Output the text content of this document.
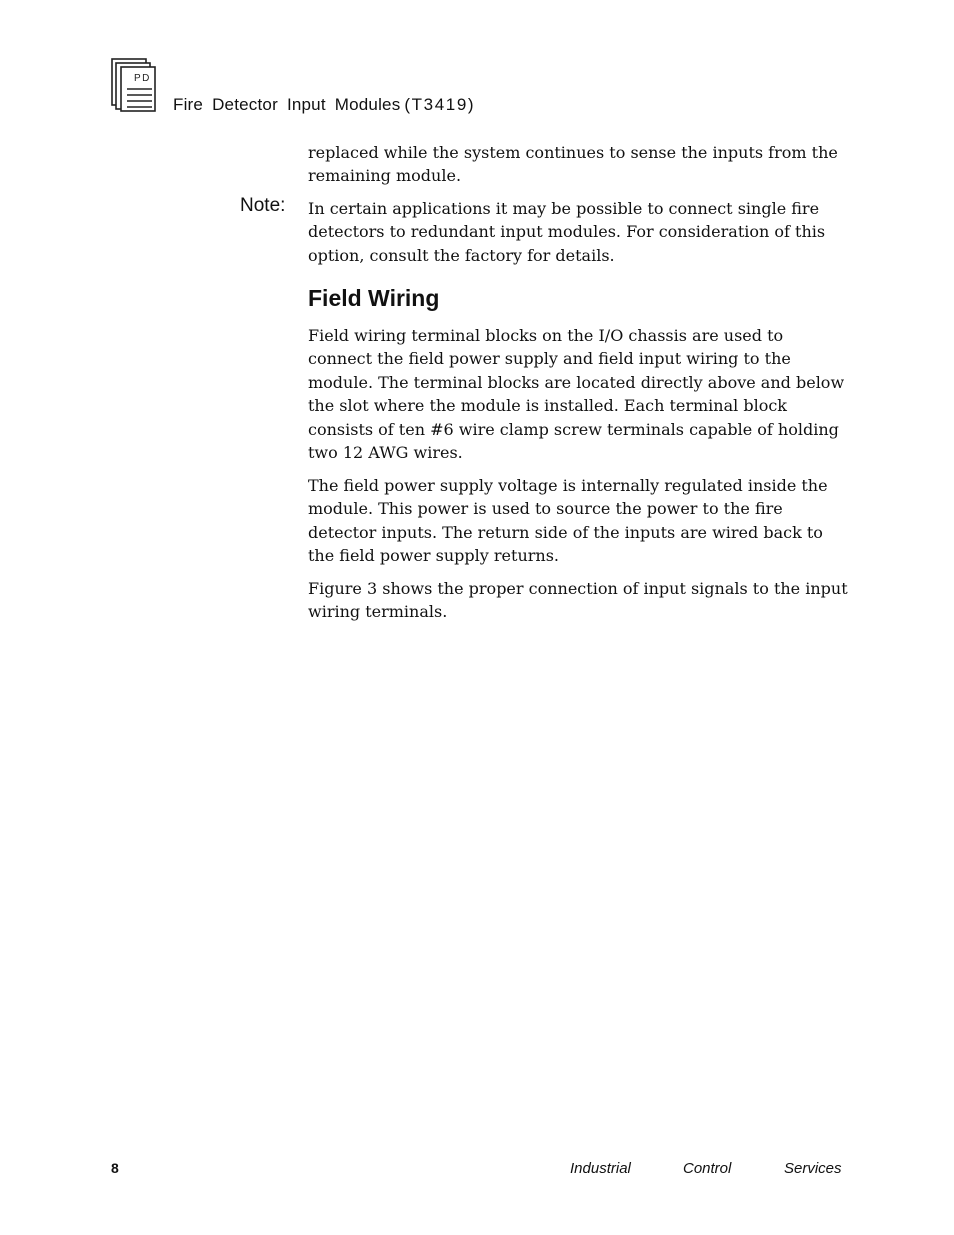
PD
Fire Detector Input Modules (T3419)

replaced while the system continues to sense the inputs from the remaining module.

Note: In certain applications it may be possible to connect single fire detectors to redundant input modules. For consideration of this option, consult the factory for details.

Field Wiring

Field wiring terminal blocks on the I/O chassis are used to connect the field power supply and field input wiring to the module. The terminal blocks are located directly above and below the slot where the module is installed. Each terminal block consists of ten #6 wire clamp screw terminals capable of holding two 12 AWG wires.

The field power supply voltage is internally regulated inside the module. This power is used to source the power to the fire detector inputs. The return side of the inputs are wired back to the field power supply returns.

Figure 3 shows the proper connection of input signals to the input wiring terminals.

8	Industrial	Control	Services
